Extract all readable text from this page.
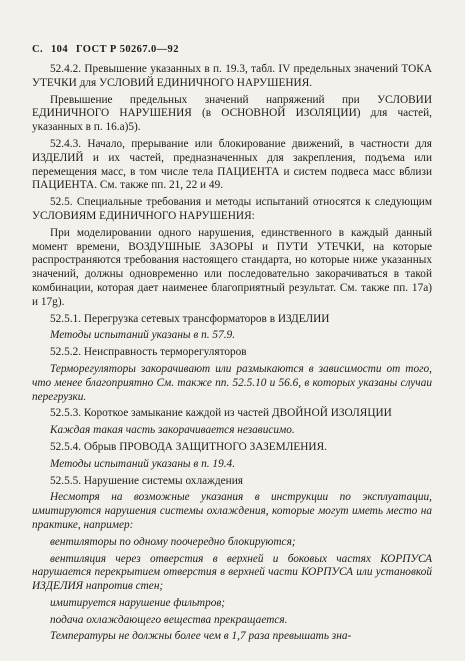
С. 104 ГОСТ Р 50267.0—92

52.4.2. Превышение указанных в п. 19.3, табл. IV предельных значений ТОКА УТЕЧКИ для УСЛОВИЙ ЕДИНИЧНОГО НАРУШЕНИЯ.

Превышение предельных значений напряжений при УСЛОВИИ ЕДИНИЧНОГО НАРУШЕНИЯ (в ОСНОВНОЙ ИЗОЛЯЦИИ) для частей, указанных в п. 16.а)5).

52.4.3. Начало, прерывание или блокирование движений, в частности для ИЗДЕЛИЙ и их частей, предназначенных для закрепления, подъема или перемещения масс, в том числе тела ПАЦИЕНТА и систем подвеса масс вблизи ПАЦИЕНТА. См. также пп. 21, 22 и 49.

52.5. Специальные требования и методы испытаний относятся к следующим УСЛОВИЯМ ЕДИНИЧНОГО НАРУШЕНИЯ:

При моделировании одного нарушения, единственного в каждый данный момент времени, ВОЗДУШНЫЕ ЗАЗОРЫ и ПУТИ УТЕЧКИ, на которые распространяются требования настоящего стандарта, но которые ниже указанных значений, должны одновременно или последовательно закорачиваться в такой комбинации, которая дает наименее благоприятный результат. См. также пп. 17а) и 17g).

52.5.1. Перегрузка сетевых трансформаторов в ИЗДЕЛИИ

Методы испытаний указаны в п. 57.9.

52.5.2. Неисправность терморегуляторов

Терморегуляторы закорачивают или размыкаются в зависимости от того, что менее благоприятно См. также пп. 52.5.10 и 56.6, в которых указаны случаи перегрузки.

52.5.3. Короткое замыкание каждой из частей ДВОЙНОЙ ИЗОЛЯЦИИ

Каждая такая часть закорачивается независимо.

52.5.4. Обрыв ПРОВОДА ЗАЩИТНОГО ЗАЗЕМЛЕНИЯ.

Методы испытаний указаны в п. 19.4.

52.5.5. Нарушение системы охлаждения

Несмотря на возможные указания в инструкции по эксплуатации, имитируются нарушения системы охлаждения, которые могут иметь место на практике, например:

вентиляторы по одному поочередно блокируются;

вентиляция через отверстия в верхней и боковых частях КОРПУСА нарушается перекрытием отверстия в верхней части КОРПУСА или установкой ИЗДЕЛИЯ напротив стен;

имитируется нарушение фильтров;

подача охлаждающего вещества прекращается.

Температуры не должны более чем в 1,7 раза превышать зна-
